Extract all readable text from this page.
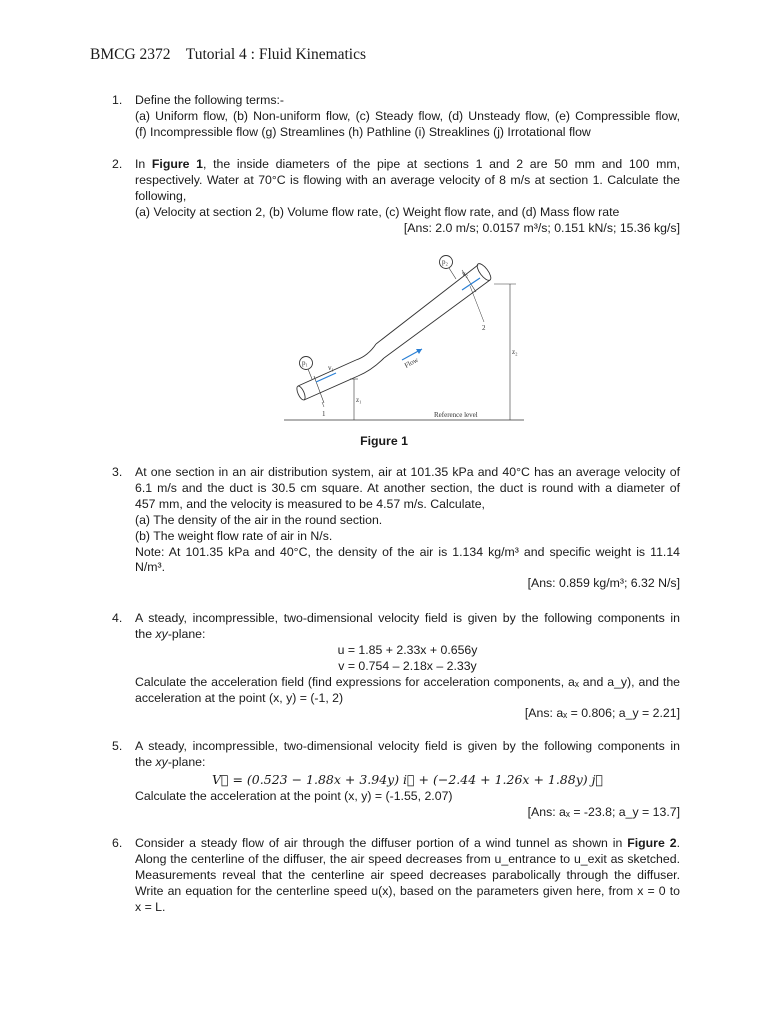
BMCG 2372 Tutorial 4 : Fluid Kinematics
1.	Define the following terms:-
(a) Uniform flow, (b) Non-uniform flow, (c) Steady flow, (d) Unsteady flow, (e) Compressible flow,
(f) Incompressible flow (g) Streamlines (h) Pathline (i) Streaklines (j) Irrotational flow
2.	In Figure 1, the inside diameters of the pipe at sections 1 and 2 are 50 mm and 100 mm,
respectively. Water at 70°C is flowing with an average velocity of 8 m/s at section 1. Calculate the
following,
(a) Velocity at section 2, (b) Volume flow rate, (c) Weight flow rate, and (d) Mass flow rate
[Ans: 2.0 m/s; 0.0157 m³/s; 0.151 kN/s; 15.36 kg/s]
p₁
p₂
v₁
v₂
1
2
z₁
z₂
Flow
Reference level
Figure 1
3.	At one section in an air distribution system, air at 101.35 kPa and 40°C has an average velocity of
6.1 m/s and the duct is 30.5 cm square. At another section, the duct is round with a diameter of
457 mm, and the velocity is measured to be 4.57 m/s. Calculate,
(a) The density of the air in the round section.
(b) The weight flow rate of air in N/s.
Note: At 101.35 kPa and 40°C, the density of the air is 1.134 kg/m³ and specific weight is 11.14
N/m³.
[Ans: 0.859 kg/m³; 6.32 N/s]
4.	A steady, incompressible, two-dimensional velocity field is given by the following components in
the xy-plane:
u = 1.85 + 2.33x + 0.656y
v = 0.754 – 2.18x – 2.33y
Calculate the acceleration field (find expressions for acceleration components, aₓ and a_y), and the
acceleration at the point (x, y) = (-1, 2)
[Ans: aₓ = 0.806; a_y = 2.21]
5.	A steady, incompressible, two-dimensional velocity field is given by the following components in
the xy-plane:
V⃗ = (0.523 − 1.88x + 3.94y) i⃗ + (−2.44 + 1.26x + 1.88y) j⃗
Calculate the acceleration at the point (x, y) = (-1.55, 2.07)
[Ans: aₓ = -23.8; a_y = 13.7]
6.	Consider a steady flow of air through the diffuser portion of a wind tunnel as shown in Figure 2.
Along the centerline of the diffuser, the air speed decreases from u_entrance to u_exit as sketched.
Measurements reveal that the centerline air speed decreases parabolically through the diffuser.
Write an equation for the centerline speed u(x), based on the parameters given here, from x = 0 to
x = L.
